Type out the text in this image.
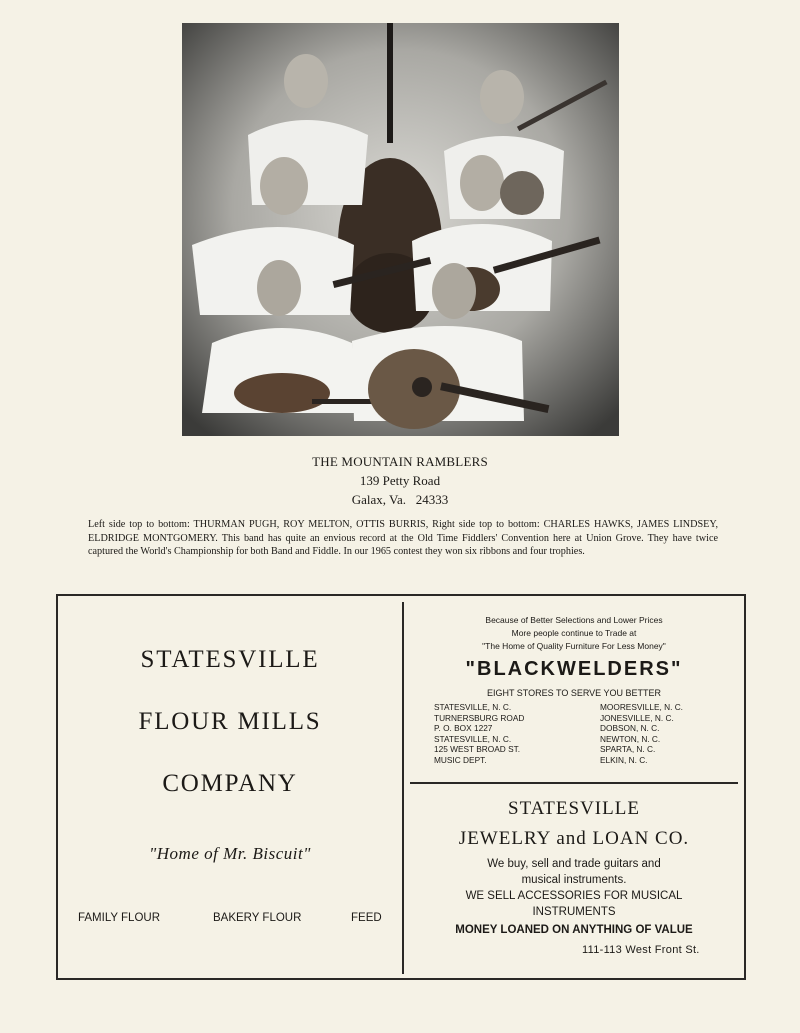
THE MOUNTAIN RAMBLERS
139 Petty Road
Galax, Va.   24333
Left side top to bottom: THURMAN PUGH, ROY MELTON, OTTIS BURRIS, Right side top to bottom: CHARLES HAWKS, JAMES LINDSEY, ELDRIDGE MONTGOMERY. This band has quite an envious record at the Old Time Fiddlers' Convention here at Union Grove. They have twice captured the World's Championship for both Band and Fiddle. In our 1965 contest they won six ribbons and four trophies.
STATESVILLE
FLOUR MILLS
COMPANY
"Home of Mr. Biscuit"
FAMILY FLOUR	BAKERY FLOUR	FEED
Because of Better Selections and Lower Prices
More people continue to Trade at
"The Home of Quality Furniture For Less Money"
"BLACKWELDERS"
EIGHT STORES TO SERVE YOU BETTER
STATESVILLE, N. C.
TURNERSBURG ROAD
P. O. BOX 1227
STATESVILLE, N. C.
125 WEST BROAD ST.
MUSIC DEPT.
MOORESVILLE, N. C.
JONESVILLE, N. C.
DOBSON, N. C.
NEWTON, N. C.
SPARTA, N. C.
ELKIN, N. C.
STATESVILLE
JEWELRY and LOAN CO.
We buy, sell and trade guitars and
musical instruments.
WE SELL ACCESSORIES FOR MUSICAL
INSTRUMENTS
MONEY LOANED ON ANYTHING OF VALUE
111-113 West Front St.
